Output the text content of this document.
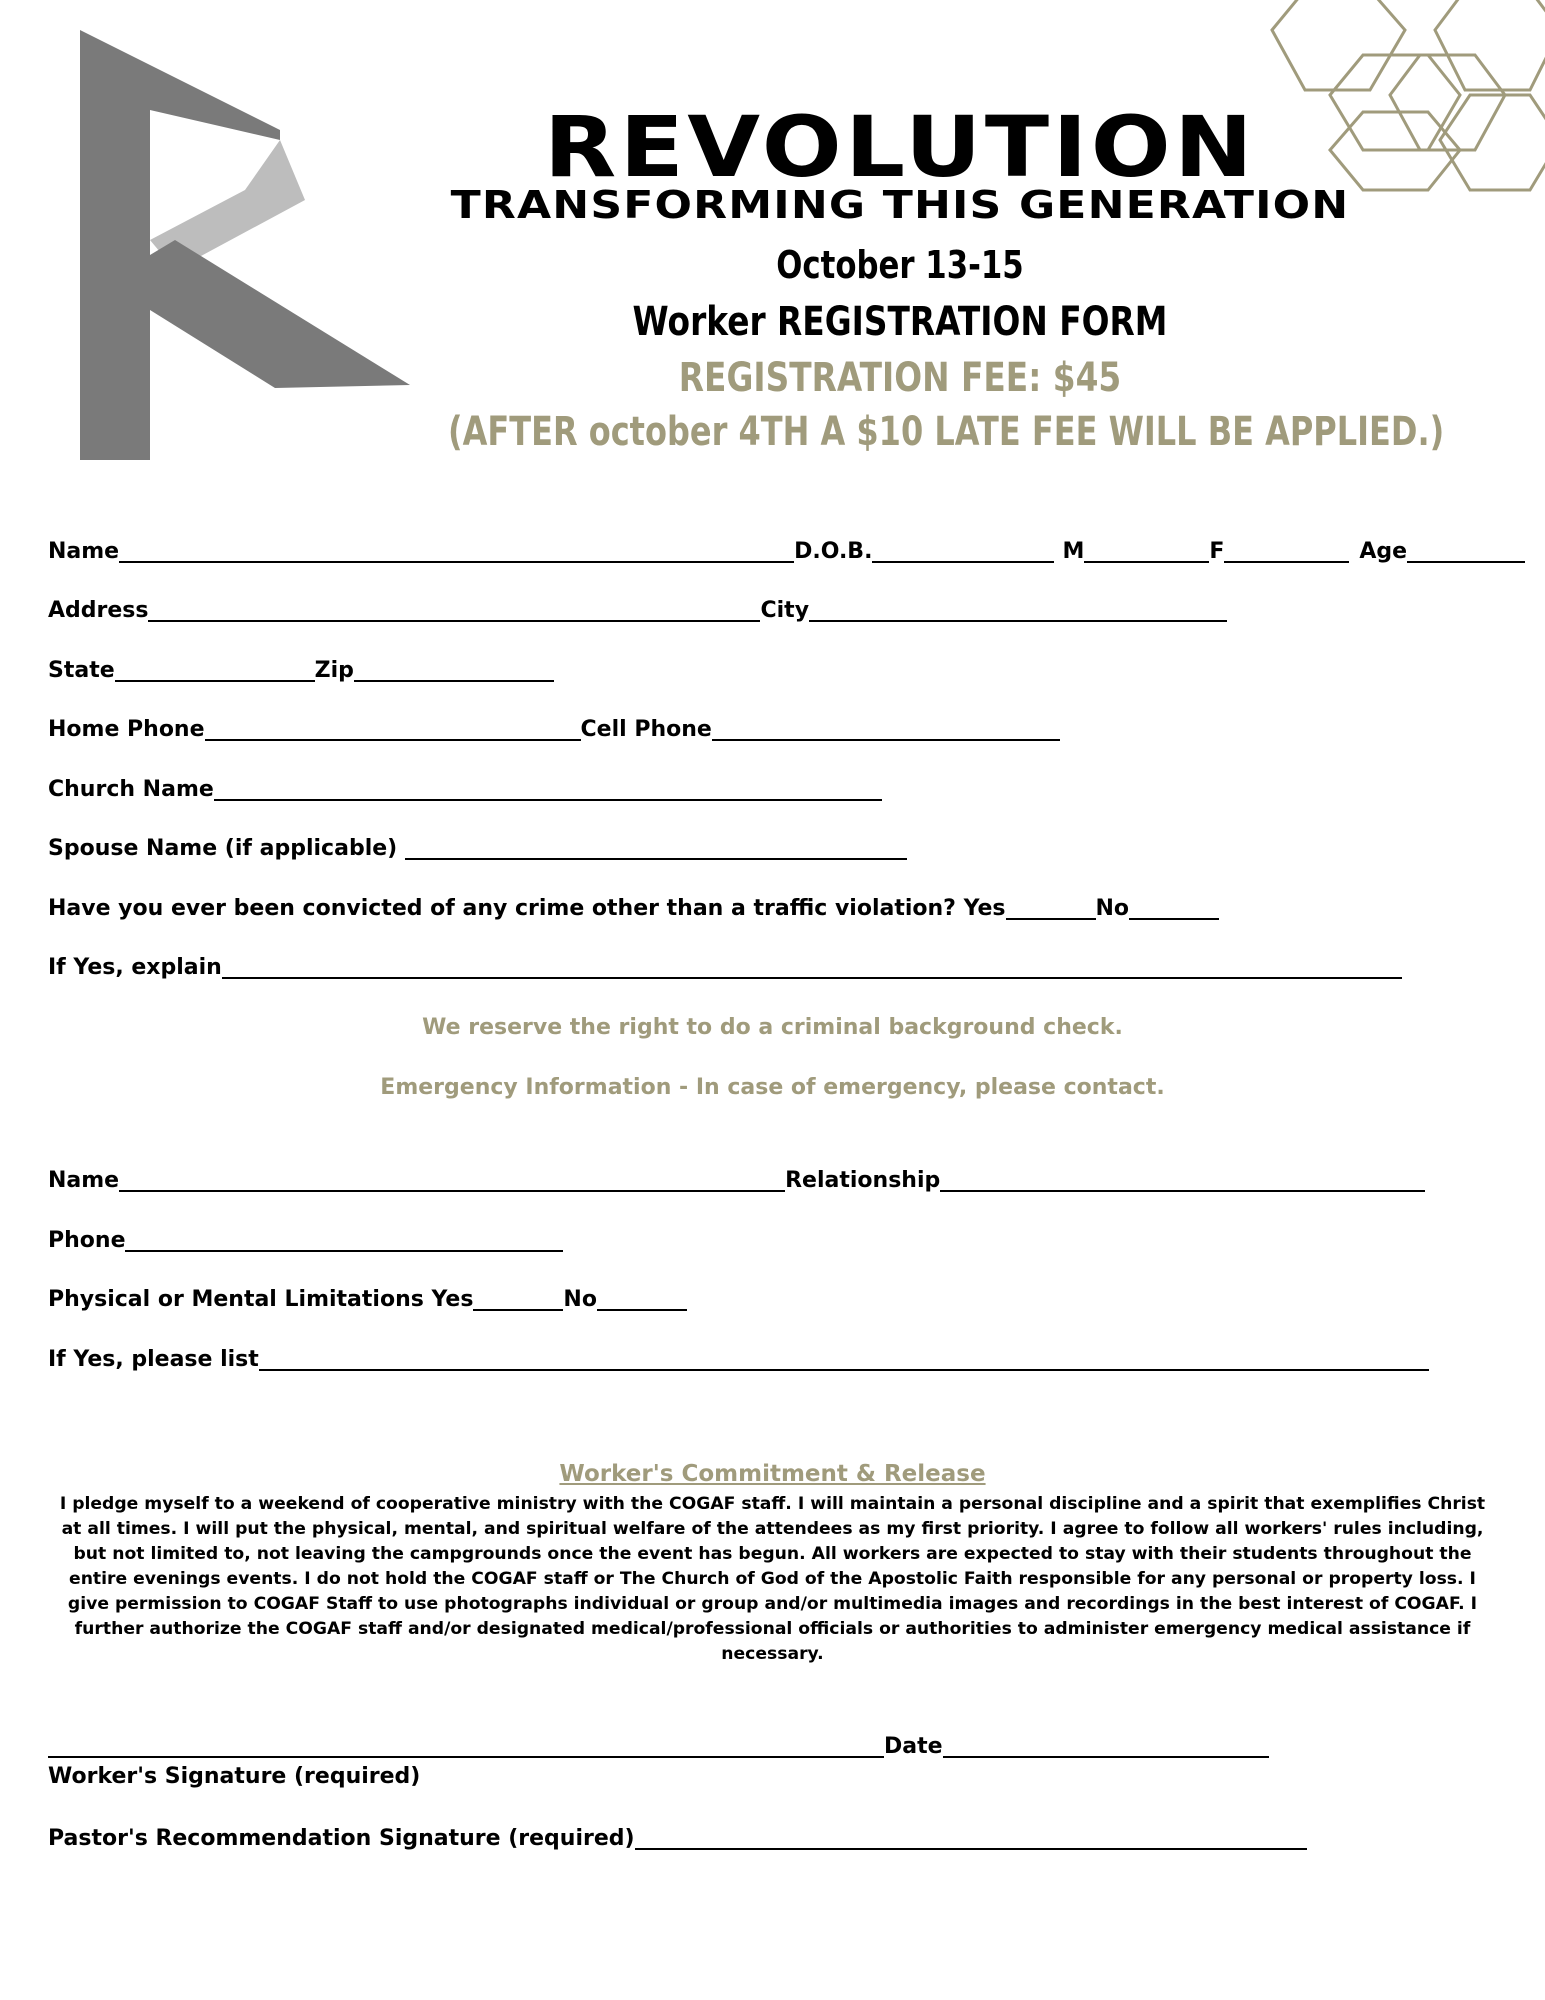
REVOLUTION
TRANSFORMING THIS GENERATION
October 13-15
Worker REGISTRATION FORM
REGISTRATION FEE: $45
(AFTER october 4TH A $10 LATE FEE WILL BE APPLIED.)
Name	D.O.B.	M	F	Age
Address	City
State	Zip
Home Phone	Cell Phone
Church Name
Spouse Name (if applicable)
Have you ever been convicted of any crime other than a traffic violation? Yes	No
If Yes, explain
We reserve the right to do a criminal background check.
Emergency Information - In case of emergency, please contact.
Name	Relationship
Phone
Physical or Mental Limitations Yes	No
If Yes, please list
Worker's Commitment & Release
I pledge myself to a weekend of cooperative ministry with the COGAF staff. I will maintain a personal discipline and a spirit that exemplifies Christ at all times. I will put the physical, mental, and spiritual welfare of the attendees as my first priority. I agree to follow all workers' rules including, but not limited to, not leaving the campgrounds once the event has begun. All workers are expected to stay with their students throughout the entire evenings events. I do not hold the COGAF staff or The Church of God of the Apostolic Faith responsible for any personal or property loss. I give permission to COGAF Staff to use photographs individual or group and/or multimedia images and recordings in the best interest of COGAF. I further authorize the COGAF staff and/or designated medical/professional officials or authorities to administer emergency medical assistance if necessary.
Date
Worker's Signature (required)
Pastor's Recommendation Signature (required)
